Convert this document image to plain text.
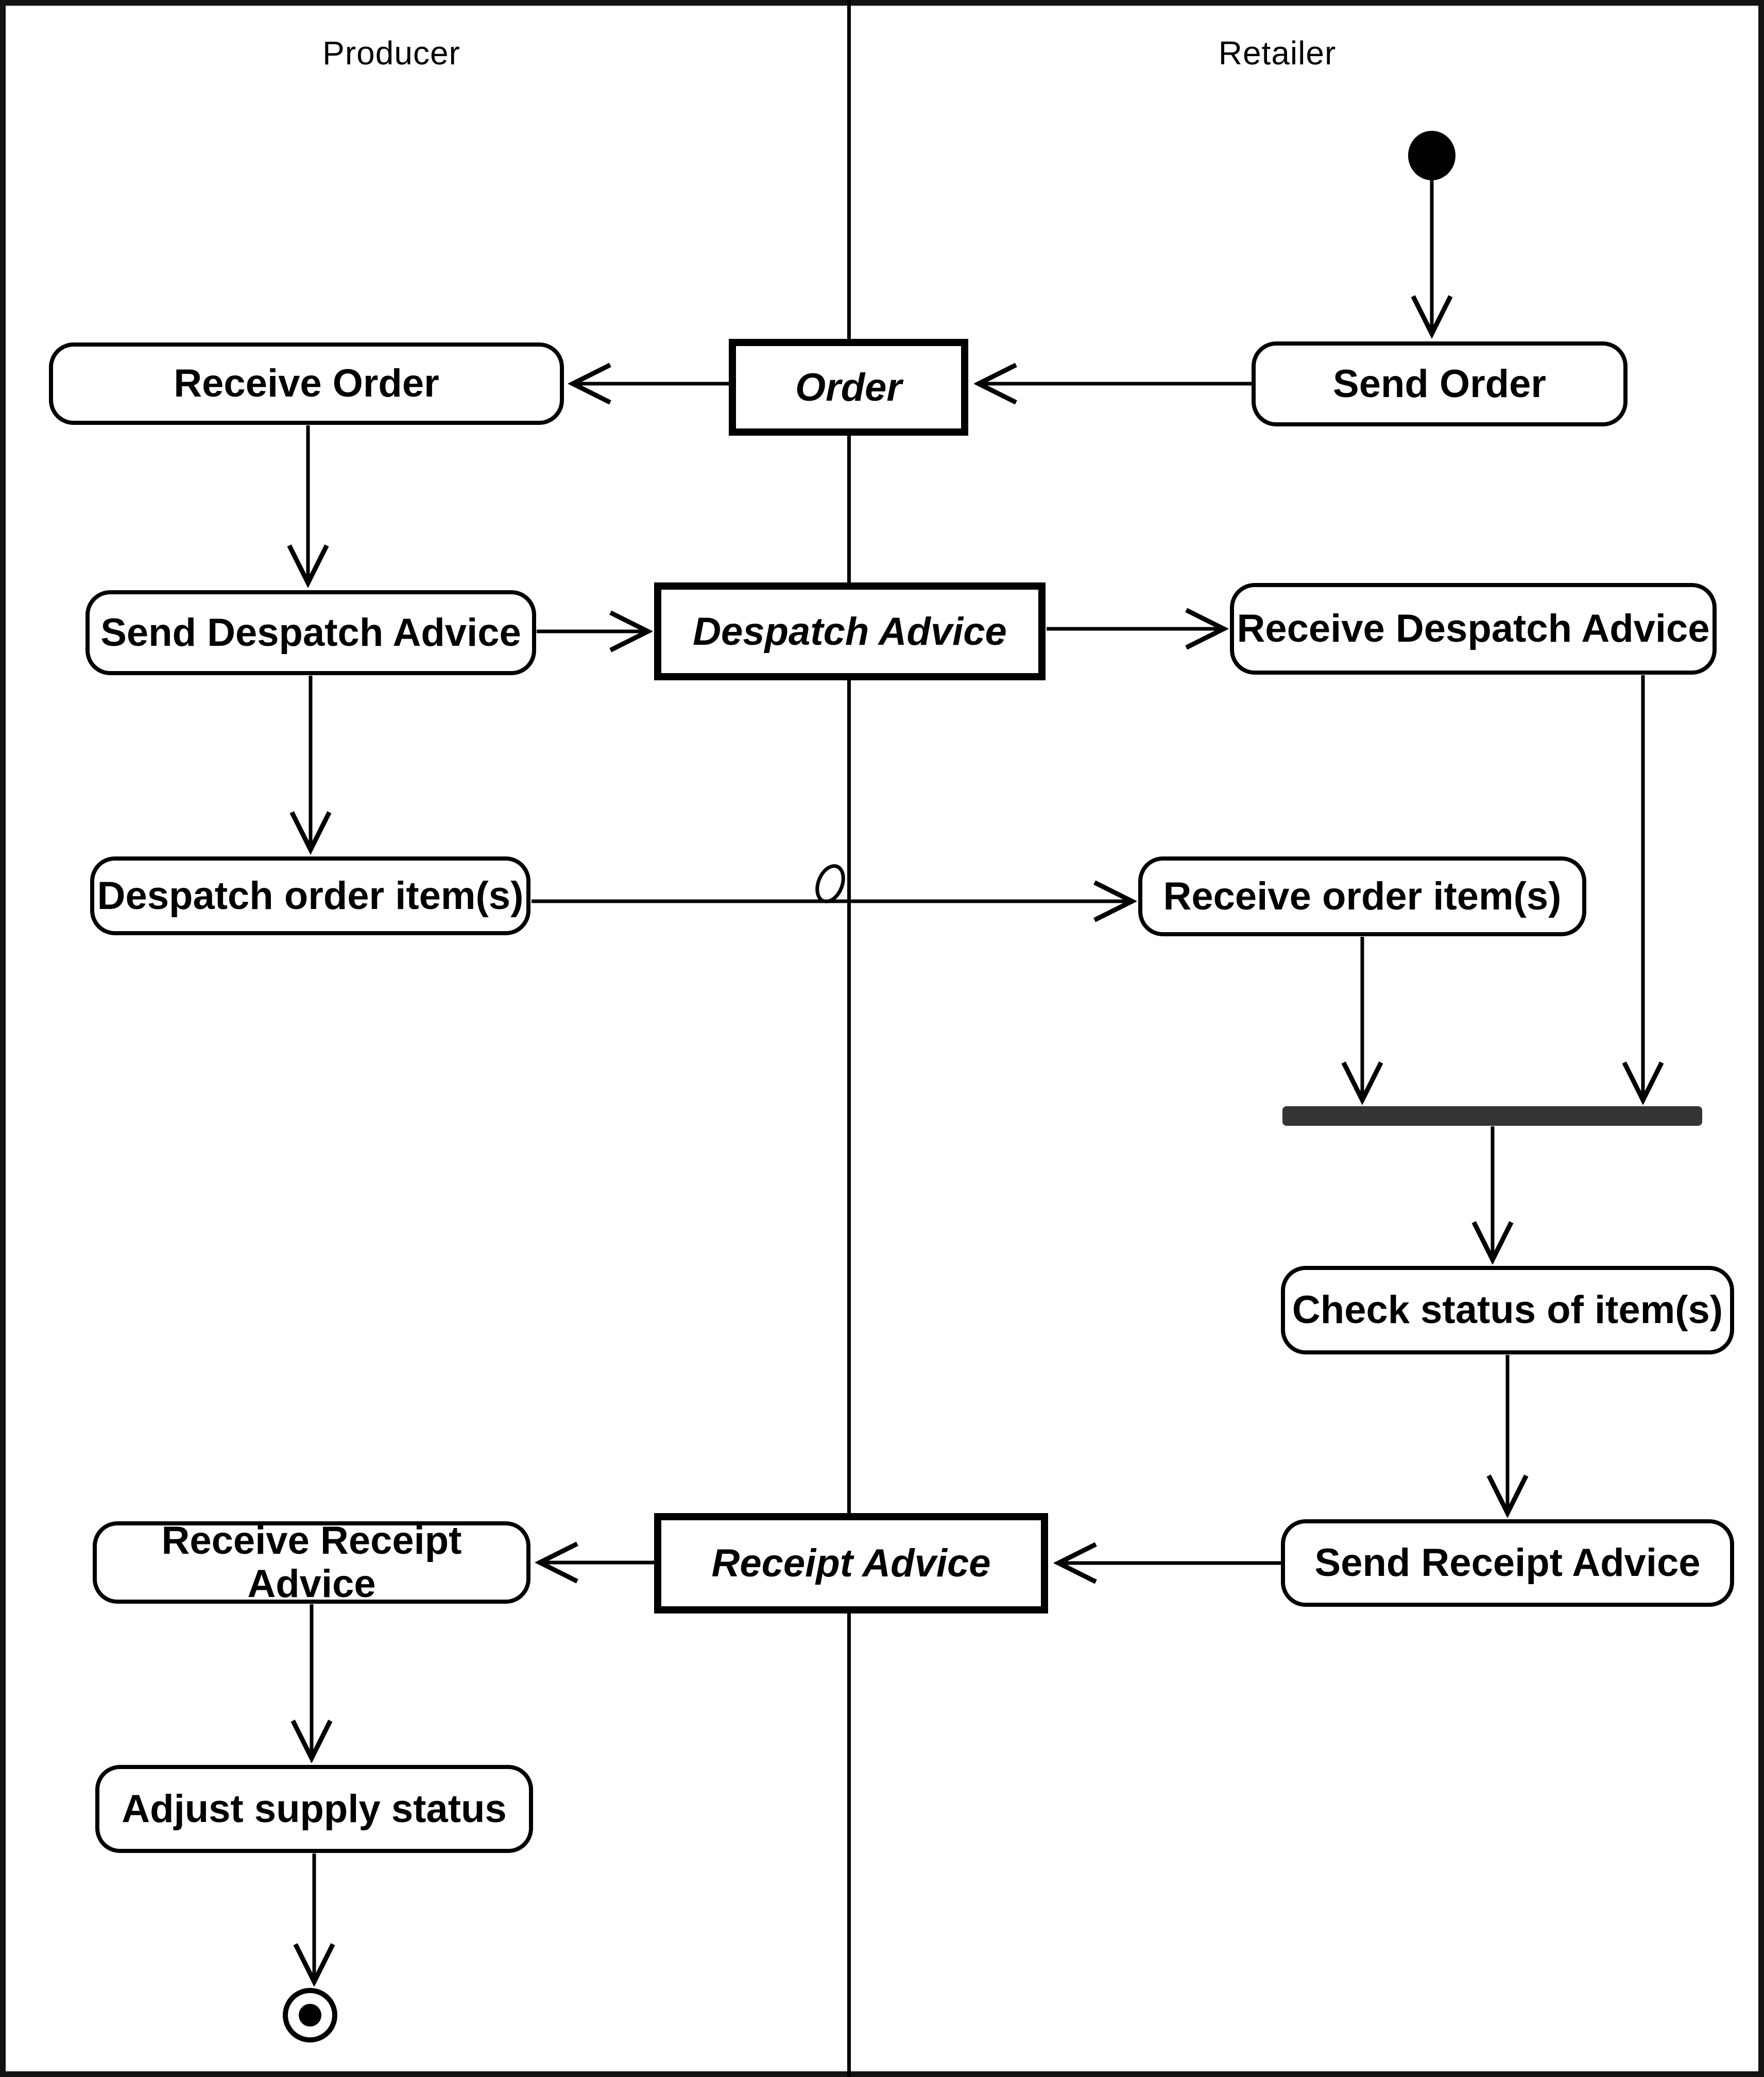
Producer	Retailer
Receive Order	Order	Send Order
Send Despatch Advice	Despatch Advice	Receive Despatch Advice
Despatch order item(s)	Receive order item(s)
Check status of item(s)
Send Receipt Advice
Receipt Advice
Receive Receipt Advice
Adjust supply status
